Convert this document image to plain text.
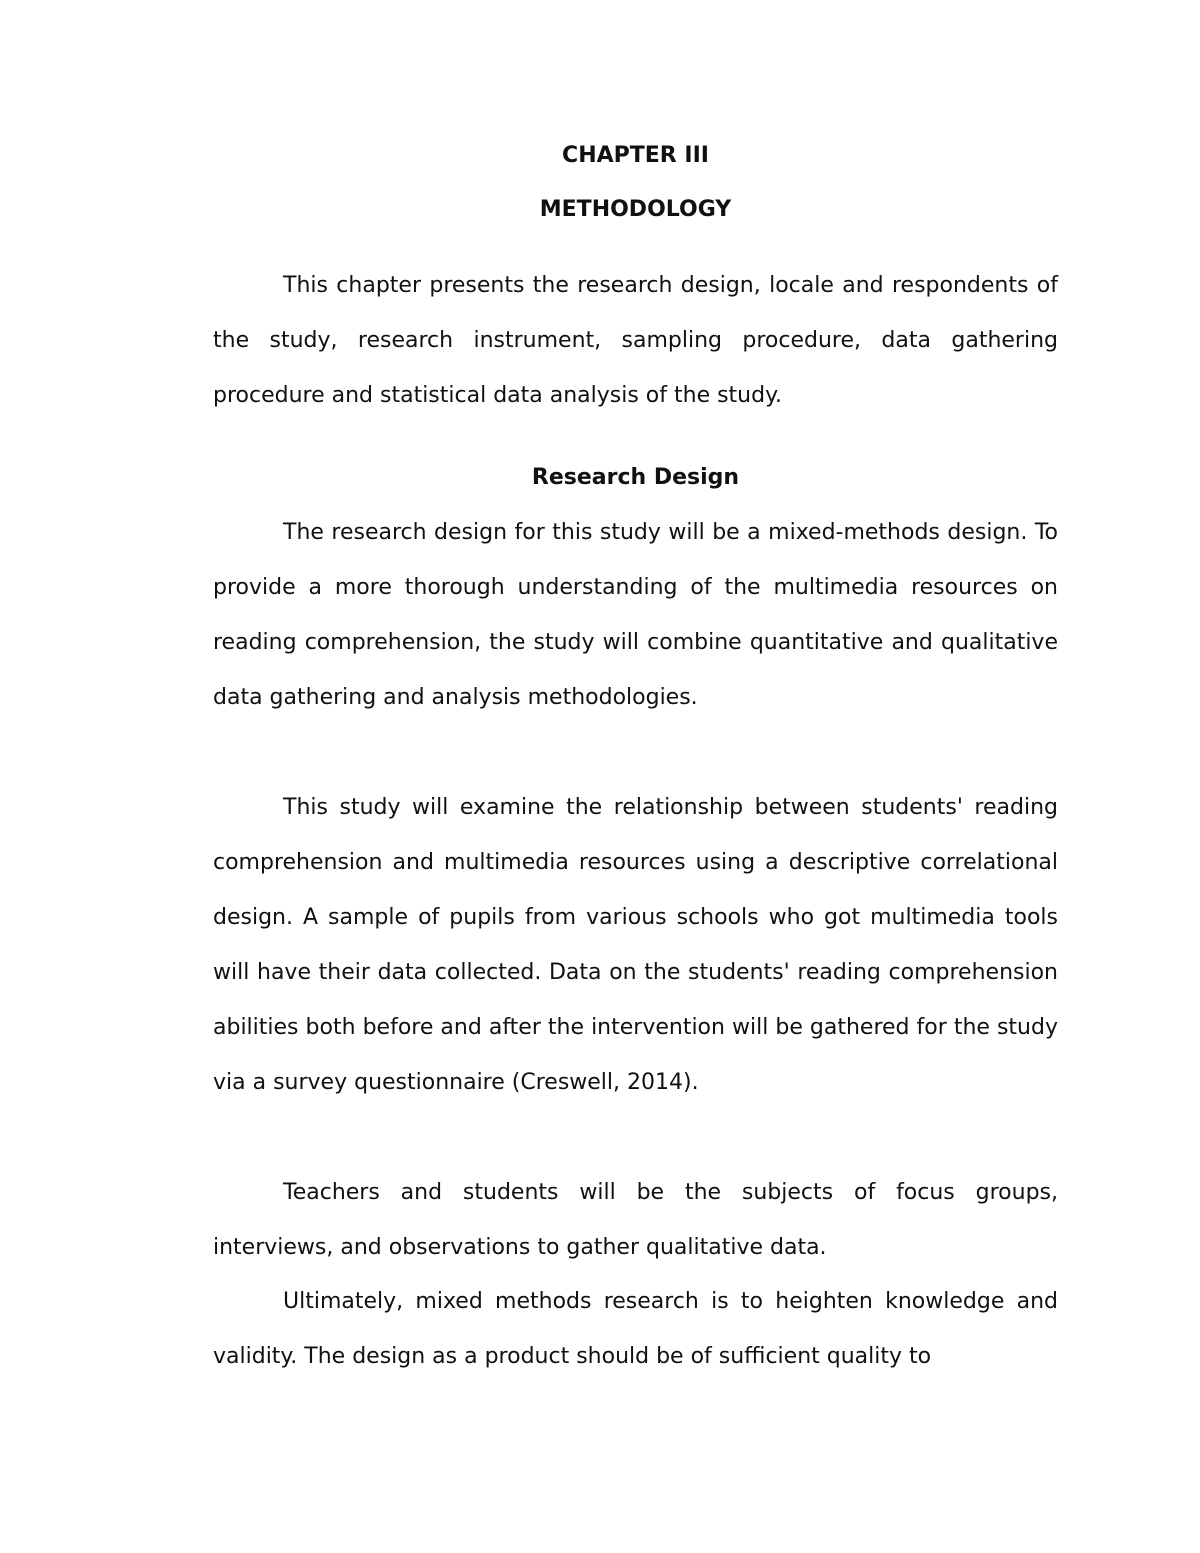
CHAPTER III
METHODOLOGY

This chapter presents the research design, locale and respondents of the study, research instrument, sampling procedure, data gathering procedure and statistical data analysis of the study.

Research Design

The research design for this study will be a mixed-methods design. To provide a more thorough understanding of the multimedia resources on reading comprehension, the study will combine quantitative and qualitative data gathering and analysis methodologies.

This study will examine the relationship between students' reading comprehension and multimedia resources using a descriptive correlational design. A sample of pupils from various schools who got multimedia tools will have their data collected. Data on the students' reading comprehension abilities both before and after the intervention will be gathered for the study via a survey questionnaire (Creswell, 2014).

Teachers and students will be the subjects of focus groups, interviews, and observations to gather qualitative data.

Ultimately, mixed methods research is to heighten knowledge and validity. The design as a product should be of sufficient quality to
